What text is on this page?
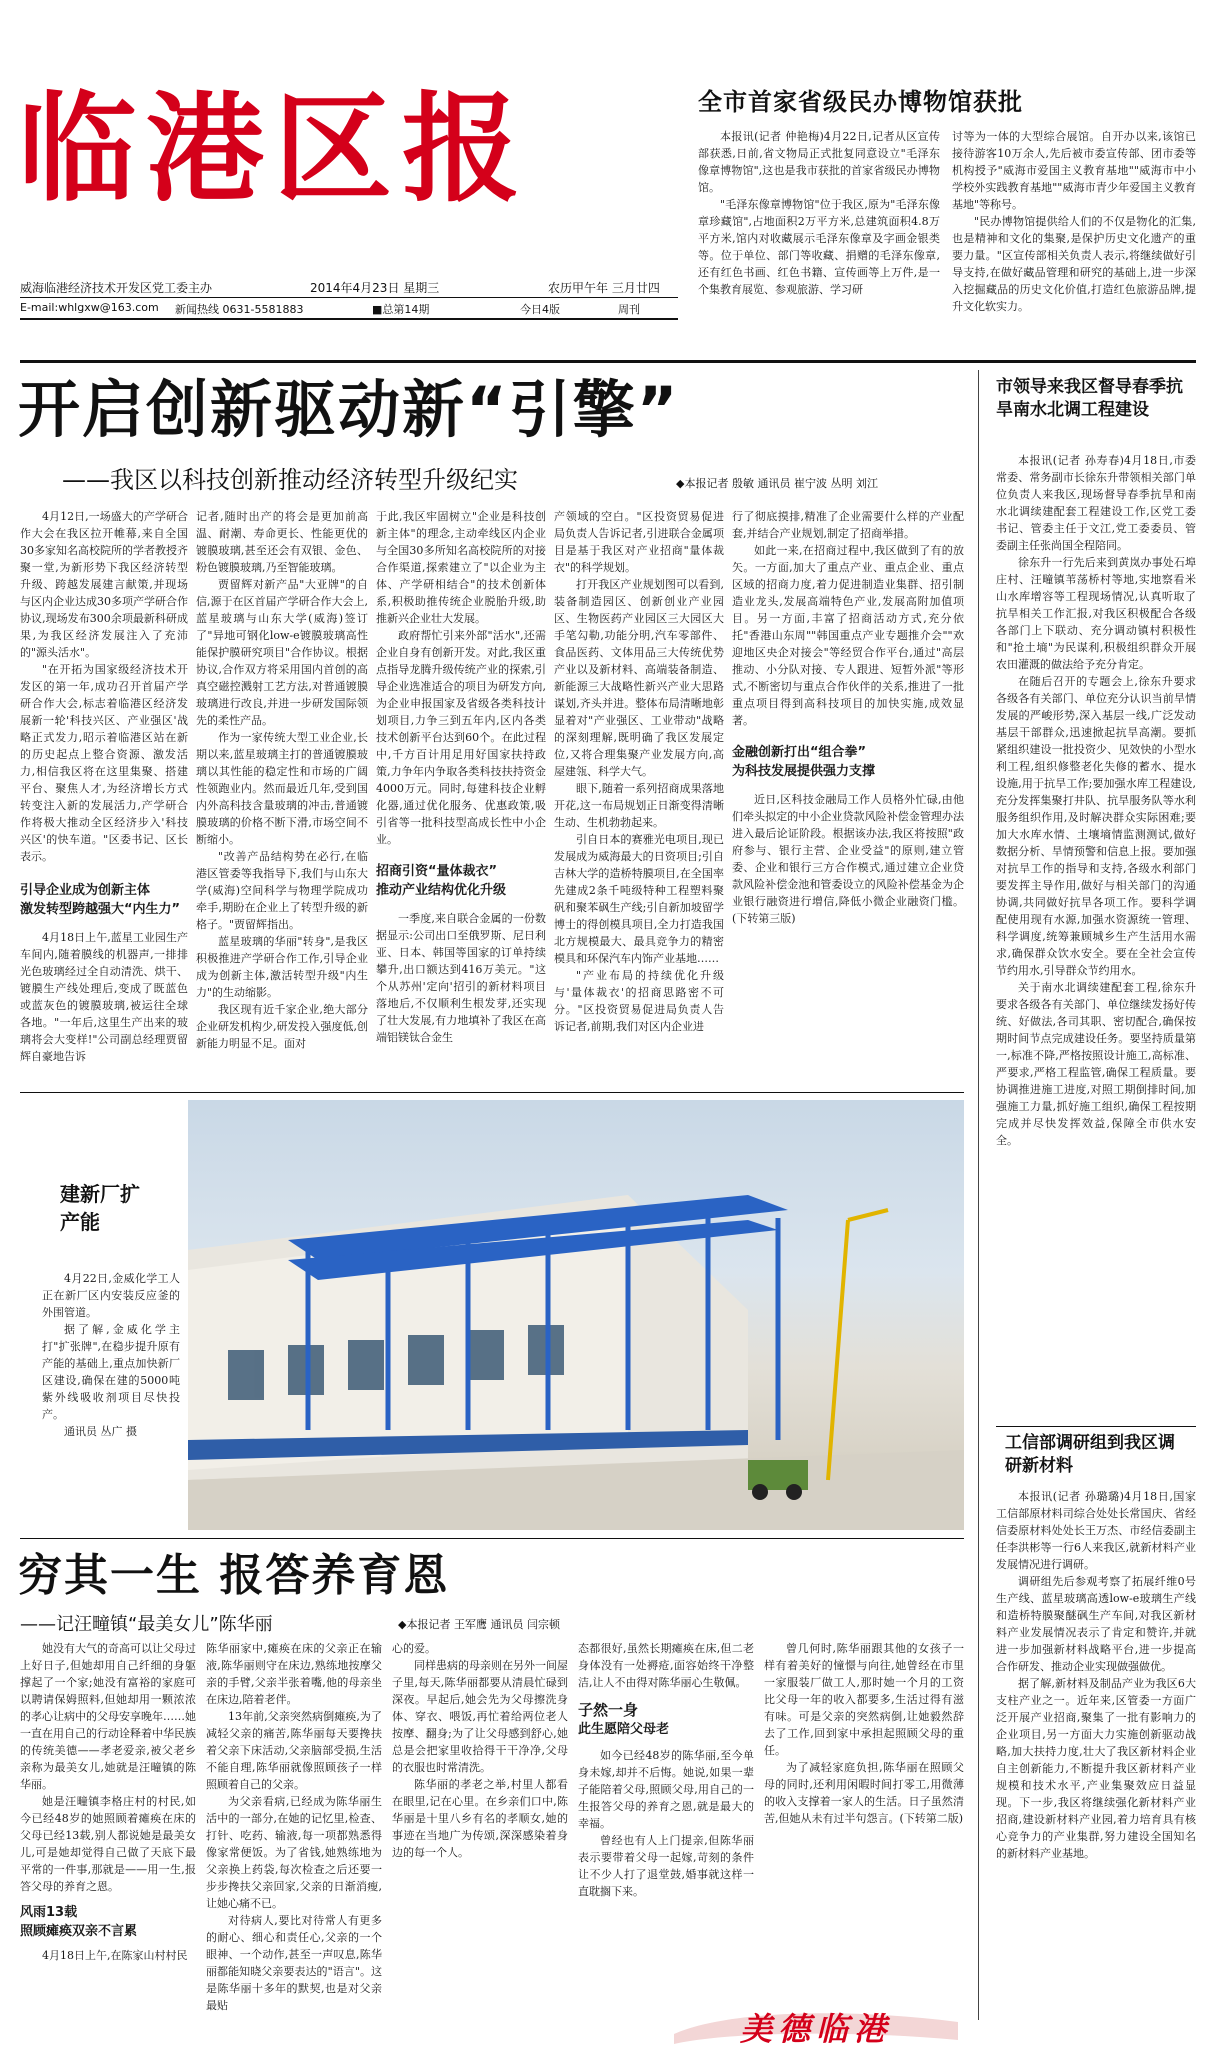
临港区报
威海临港经济技术开发区党工委主办	2014年4月23日 星期三	农历甲午年 三月廿四
E-mail:whlgxw@163.com 新闻热线 0631-5581883	■总第14期	今日4版	周刊
全市首家省级民办博物馆获批

本报讯(记者 仲艳梅)4月22日,记者从区宣传部获悉,日前,省文物局正式批复同意设立"毛泽东像章博物馆",这也是我市获批的首家省级民办博物馆。

"毛泽东像章博物馆"位于我区,原为"毛泽东像章珍藏馆",占地面积2万平方米,总建筑面积4.8万平方米,馆内对收藏展示毛泽东像章及字画金银类等。位于单位、部门等收藏、捐赠的毛泽东像章,还有红色书画、红色书籍、宣传画等上万件,是一个集教育展览、参观旅游、学习研

讨等为一体的大型综合展馆。自开办以来,该馆已接待游客10万余人,先后被市委宣传部、团市委等机构授予"威海市爱国主义教育基地""威海市中小学校外实践教育基地""威海市青少年爱国主义教育基地"等称号。

"民办博物馆提供给人们的不仅是物化的汇集,也是精神和文化的集聚,是保护历史文化遗产的重要力量。"区宣传部相关负责人表示,将继续做好引导支持,在做好藏品管理和研究的基础上,进一步深入挖掘藏品的历史文化价值,打造红色旅游品牌,提升文化软实力。

开启创新驱动新“引擎”
——我区以科技创新推动经济转型升级纪实	◆本报记者 殷敏 通讯员 崔宁波 丛明 刘江

4月12日,一场盛大的产学研合作大会在我区拉开帷幕,来自全国30多家知名高校院所的学者教授齐聚一堂,为新形势下我区经济转型升级、跨越发展建言献策,并现场与区内企业达成30多项产学研合作协议,现场发布300余项最新科研成果,为我区经济发展注入了充沛的"源头活水"。

"在开拓为国家级经济技术开发区的第一年,成功召开首届产学研合作大会,标志着临港区经济发展新一轮'科技兴区、产业强区'战略正式发力,昭示着临港区站在新的历史起点上整合资源、激发活力,相信我区将在这里集聚、搭建平台、聚焦人才,为经济增长方式转变注入新的发展活力,产学研合作将极大推动全区经济步入'科技兴区'的快车道。"区委书记、区长表示。

引导企业成为创新主体
激发转型跨越强大“内生力”

4月18日上午,蓝星工业园生产车间内,随着膜线的机器声,一排排光色玻璃经过全自动清洗、烘干、镀膜生产线处理后,变成了既蓝色或蓝灰色的镀膜玻璃,被运往全球各地。"一年后,这里生产出来的玻璃将会大变样!"公司副总经理贾留辉自豪地告诉

记者,随时出产的将会是更加前高温、耐潮、寿命更长、性能更优的镀膜玻璃,甚至还会有双银、金色、粉色镀膜玻璃,乃至智能玻璃。

贾留辉对新产品"大亚牌"的自信,源于在区首届产学研合作大会上,蓝星玻璃与山东大学(威海)签订了"异地可钢化low-e镀膜玻璃高性能保护膜研究项目"合作协议。根据协议,合作双方将采用国内首创的高真空磁控溅射工艺方法,对普通镀膜玻璃进行改良,并进一步研发国际领先的柔性产品。

作为一家传统大型工业企业,长期以来,蓝星玻璃主打的普通镀膜玻璃以其性能的稳定性和市场的广阔性领跑业内。然而最近几年,受到国内外高科技含量玻璃的冲击,普通镀膜玻璃的价格不断下滑,市场空间不断缩小。

"改善产品结构势在必行,在临港区管委等我指导下,我们与山东大学(威海)空间科学与物理学院成功牵手,期盼在企业上了转型升级的新格子。"贾留辉指出。

蓝星玻璃的华丽"转身",是我区积极推进产学研合作工作,引导企业成为创新主体,激活转型升级"内生力"的生动缩影。

我区现有近千家企业,绝大部分企业研发机构少,研发投入强度低,创新能力明显不足。面对

于此,我区牢固树立"企业是科技创新主体"的理念,主动牵线区内企业与全国30多所知名高校院所的对接合作渠道,探索建立了"以企业为主体、产学研相结合"的技术创新体系,积极助推传统企业脱胎升级,助推新兴企业壮大发展。

政府帮忙引来外部"活水",还需企业自身有创新开发。对此,我区重点指导龙腾升级传统产业的探索,引导企业选准适合的项目为研发方向,为企业申报国家及省级各类科技计划项目,力争三到五年内,区内各类技术创新平台达到60个。在此过程中,千方百计用足用好国家扶持政策,力争年内争取各类科技扶持资金4000万元。同时,每建科技企业孵化器,通过优化服务、优惠政策,吸引省等一批科技型高成长性中小企业。

招商引资“量体裁衣”
推动产业结构优化升级

一季度,来自联合金属的一份数据显示:公司出口至俄罗斯、尼日利亚、日本、韩国等国家的订单持续攀升,出口额达到416万美元。"这个从苏州'定向'招引的新材料项目落地后,不仅顺利生根发芽,还实现了壮大发展,有力地填补了我区在高端铝镁钛合金生

产领域的空白。"区投资贸易促进局负责人告诉记者,引进联合金属项目是基于我区对产业招商"量体裁衣"的科学规划。

打开我区产业规划图可以看到,装备制造园区、创新创业产业园区、生物医药产业园区三大园区大手笔勾勒,功能分明,汽车零部件、食品医药、文体用品三大传统优势产业以及新材料、高端装备制造、新能源三大战略性新兴产业大思路谋划,齐头并进。整体布局清晰地彰显着对"产业强区、工业带动"战略的深刻理解,既明确了我区发展定位,又将合理集聚产业发展方向,高屋建瓴、科学大气。

眼下,随着一系列招商成果落地开花,这一布局规划正日渐变得清晰生动、生机勃勃起来。

引自日本的赛雅光电项目,现已发展成为威海最大的日资项目;引自吉林大学的造桥特膜项目,在全国率先建成2条千吨级特种工程塑料聚矾和聚苯砜生产线;引自新加坡留学博士的得创模具项目,全力打造我国北方规模最大、最具竞争力的精密模具和环保汽车内饰产业基地……

"产业布局的持续优化升级与'量体裁衣'的招商思路密不可分。"区投资贸易促进局负责人告诉记者,前期,我们对区内企业进

行了彻底摸排,精准了企业需要什么样的产业配套,并结合产业规划,制定了招商举措。

如此一来,在招商过程中,我区做到了有的放矢。一方面,加大了重点产业、重点企业、重点区域的招商力度,着力促进制造业集群、招引制造业龙头,发展高端特色产业,发展高附加值项目。另一方面,丰富了招商活动方式,充分依托"香港山东周""韩国重点产业专题推介会""欢迎地区央企对接会"等经贸合作平台,通过"高层推动、小分队对接、专人跟进、短暂外派"等形式,不断密切与重点合作伙伴的关系,推进了一批重点项目得到高科技项目的加快实施,成效显著。

金融创新打出“组合拳”
为科技发展提供强力支撑

近日,区科技金融局工作人员格外忙碌,由他们牵头拟定的中小企业贷款风险补偿金管理办法进入最后论证阶段。根据该办法,我区将按照"政府参与、银行主营、企业受益"的原则,建立管委、企业和银行三方合作模式,通过建立企业贷款风险补偿金池和管委设立的风险补偿基金为企业银行融资进行增信,降低小微企业融资门槛。(下转第三版)

市领导来我区督导春季抗旱南水北调工程建设

本报讯(记者 孙寿春)4月18日,市委常委、常务副市长徐东升带领相关部门单位负责人来我区,现场督导春季抗旱和南水北调续建配套工程建设工作,区党工委书记、管委主任于文江,党工委委员、管委副主任张尚国全程陪同。

徐东升一行先后来到黄岚办事处石埠庄村、汪疃镇苇荡桥村等地,实地察看米山水库增容等工程现场情况,认真听取了抗旱相关工作汇报,对我区积极配合各级各部门上下联动、充分调动镇村积极性和"抢土墒"为民谋利,积极组织群众开展农田灌溉的做法给予充分肯定。

在随后召开的专题会上,徐东升要求各级各有关部门、单位充分认识当前旱情发展的严峻形势,深入基层一线,广泛发动基层干部群众,迅速掀起抗旱高潮。要抓紧组织建设一批投资少、见效快的小型水利工程,组织修整老化失修的蓄水、提水设施,用于抗旱工作;要加强水库工程建设,充分发挥集聚打井队、抗旱服务队等水利服务组织作用,及时解决群众实际困难;要加大水库水情、土壤墒情监测测试,做好数据分析、旱情预警和信息上报。要加强对抗旱工作的指导和支持,各级水利部门要发挥主导作用,做好与相关部门的沟通协调,共同做好抗旱各项工作。要科学调配使用现有水源,加强水资源统一管理、科学调度,统筹兼顾城乡生产生活用水需求,确保群众饮水安全。要在全社会宣传节约用水,引导群众节约用水。

关于南水北调续建配套工程,徐东升要求各级各有关部门、单位继续发扬好传统、好做法,各司其职、密切配合,确保按期时间节点完成建设任务。要坚持质量第一,标准不降,严格按照设计施工,高标准、严要求,严格工程监管,确保工程质量。要协调推进施工进度,对照工期倒排时间,加强施工力量,抓好施工组织,确保工程按期完成并尽快发挥效益,保障全市供水安全。

建新厂扩产能

4月22日,金威化学工人正在新厂区内安装反应釜的外围管道。

据了解,金威化学主打"扩张牌",在稳步提升原有产能的基础上,重点加快新厂区建设,确保在建的5000吨紫外线吸收剂项目尽快投产。

通讯员 丛广 摄

工信部调研组到我区调研新材料

本报讯(记者 孙璐璐)4月18日,国家工信部原材料司综合处处长常国庆、省经信委原材料处处长王万杰、市经信委副主任李洪彬等一行6人来我区,就新材料产业发展情况进行调研。

调研组先后参观考察了拓展纤维0号生产线、蓝星玻璃高透low-e玻璃生产线和造桥特膜聚醚砜生产车间,对我区新材料产业发展情况表示了肯定和赞许,并就进一步加强新材料战略平台,进一步提高合作研发、推动企业实现做强做优。

据了解,新材料及制品产业为我区6大支柱产业之一。近年来,区管委一方面广泛开展产业招商,聚集了一批有影响力的企业项目,另一方面大力实施创新驱动战略,加大扶持力度,壮大了我区新材料企业自主创新能力,不断提升我区新材料产业规模和技术水平,产业集聚效应日益显现。下一步,我区将继续强化新材料产业招商,建设新材料产业园,着力培育具有核心竞争力的产业集群,努力建设全国知名的新材料产业基地。

穷其一生 报答养育恩
——记汪疃镇“最美女儿”陈华丽	◆本报记者 王军鹰 通讯员 闫宗顿

她没有大气的奇高可以让父母过上好日子,但她却用自己纤细的身躯撑起了一个家;她没有富裕的家庭可以聘请保姆照料,但她却用一颗浓浓的孝心让病中的父母安享晚年……她一直在用自己的行动诠释着中华民族的传统美德——孝老爱亲,被父老乡亲称为最美女儿,她就是汪疃镇的陈华丽。

她是汪疃镇李格庄村的村民,如今已经48岁的她照顾着瘫痪在床的父母已经13载,别人都说她是最美女儿,可是她却觉得自己做了天底下最平常的一件事,那就是——用一生,报答父母的养育之恩。

风雨13载
照顾瘫痪双亲不言累

4月18日上午,在陈家山村村民

陈华丽家中,瘫痪在床的父亲正在输液,陈华丽则守在床边,熟练地按摩父亲的手臂,父亲半张着嘴,他的母亲坐在床边,陪着老伴。

13年前,父亲突然病倒瘫痪,为了减轻父亲的痛苦,陈华丽每天要搀扶着父亲下床活动,父亲脑部受损,生活不能自理,陈华丽就像照顾孩子一样照顾着自己的父亲。

为父亲看病,已经成为陈华丽生活中的一部分,在她的记忆里,检查、打针、吃药、输液,每一项都熟悉得像家常便饭。为了省钱,她熟练地为父亲换上药袋,每次检查之后还要一步步搀扶父亲回家,父亲的日渐消瘦,让她心痛不已。

对待病人,要比对待常人有更多的耐心、细心和责任心,父亲的一个眼神、一个动作,甚至一声叹息,陈华丽都能知晓父亲要表达的"语言"。这是陈华丽十多年的默契,也是对父亲最贴

心的爱。

同样患病的母亲则在另外一间屋子里,每天,陈华丽都要从清晨忙碌到深夜。早起后,她会先为父母擦洗身体、穿衣、喂饭,再忙着给两位老人按摩、翻身;为了让父母感到舒心,她总是会把家里收拾得干干净净,父母的衣服也时常清洗。

陈华丽的孝老之举,村里人都看在眼里,记在心里。在乡亲们口中,陈华丽是十里八乡有名的孝顺女,她的事迹在当地广为传颂,深深感染着身边的每一个人。

态都很好,虽然长期瘫痪在床,但二老身体没有一处褥疮,面容始终干净整洁,让人不由得对陈华丽心生敬佩。

子然一身
此生愿陪父母老

如今已经48岁的陈华丽,至今单身未嫁,却并不后悔。她说,如果一辈子能陪着父母,照顾父母,用自己的一生报答父母的养育之恩,就是最大的幸福。

曾经也有人上门提亲,但陈华丽表示要带着父母一起嫁,苛刻的条件让不少人打了退堂鼓,婚事就这样一直耽搁下来。

曾几何时,陈华丽跟其他的女孩子一样有着美好的憧憬与向往,她曾经在市里一家服装厂做工人,那时她一个月的工资比父母一年的收入都要多,生活过得有滋有味。可是父亲的突然病倒,让她毅然辞去了工作,回到家中承担起照顾父母的重任。

为了减轻家庭负担,陈华丽在照顾父母的同时,还利用闲暇时间打零工,用微薄的收入支撑着一家人的生活。日子虽然清苦,但她从未有过半句怨言。(下转第二版)

美德临港
